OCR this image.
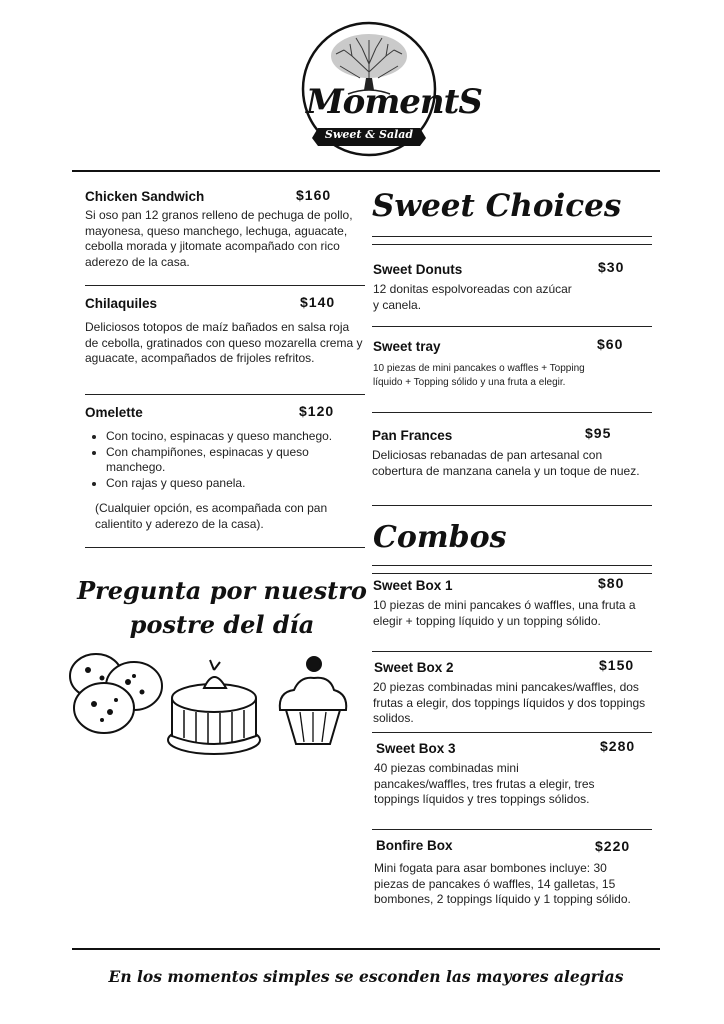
MomentS
Sweet & Salad
Chicken Sandwich	$160
Si oso pan 12 granos relleno de pechuga de pollo, mayonesa, queso manchego, lechuga, aguacate, cebolla morada y jitomate acompañado con rico aderezo de la casa.
Chilaquiles	$140
Deliciosos totopos de maíz bañados en salsa roja de cebolla, gratinados con queso mozarella crema y aguacate, acompañados de frijoles refritos.
Omelette	$120
• Con tocino, espinacas y queso manchego.
• Con champiñones, espinacas y queso manchego.
• Con rajas y queso panela.
(Cualquier opción, es acompañada con pan calientito y aderezo de la casa).
Pregunta por nuestro
postre del día
Sweet Choices
Sweet Donuts	$30
12 donitas espolvoreadas con azúcar y canela.
Sweet tray	$60
10 piezas de mini pancakes o waffles + Topping líquido + Topping sólido y una fruta a elegir.
Pan Frances	$95
Deliciosas rebanadas de pan artesanal con cobertura de manzana canela y un toque de nuez.
Combos
Sweet Box 1	$80
10 piezas de mini pancakes ó waffles, una fruta a elegir + topping líquido y un topping sólido.
Sweet Box 2	$150
20 piezas combinadas mini pancakes/waffles, dos frutas a elegir, dos toppings líquidos y dos toppings solidos.
Sweet Box 3	$280
40 piezas combinadas mini pancakes/waffles, tres frutas a elegir, tres toppings líquidos y tres toppings sólidos.
Bonfire Box	$220
Mini fogata para asar bombones incluye: 30 piezas de pancakes ó waffles, 14 galletas, 15 bombones, 2 toppings líquido y 1 topping sólido.
En los momentos simples se esconden las mayores alegrias
